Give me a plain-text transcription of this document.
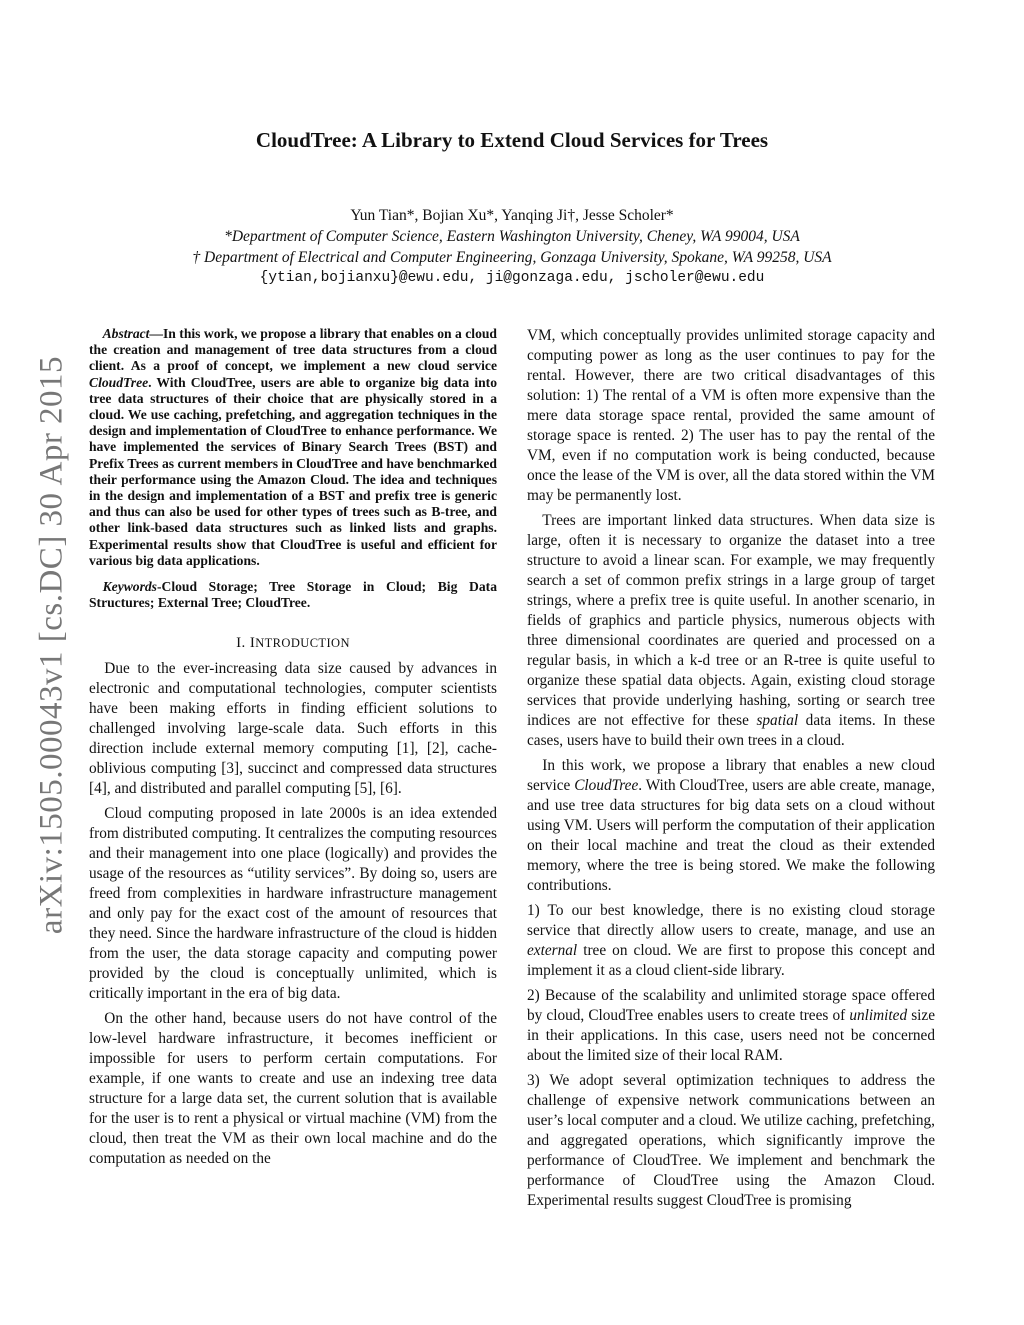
arXiv:1505.00043v1 [cs.DC] 30 Apr 2015
CloudTree: A Library to Extend Cloud Services for Trees
Yun Tian*, Bojian Xu*, Yanqing Ji†, Jesse Scholer*
*Department of Computer Science, Eastern Washington University, Cheney, WA 99004, USA
† Department of Electrical and Computer Engineering, Gonzaga University, Spokane, WA 99258, USA
{ytian,bojianxu}@ewu.edu, ji@gonzaga.edu, jscholer@ewu.edu

Abstract—In this work, we propose a library that enables on a cloud the creation and management of tree data structures from a cloud client. As a proof of concept, we implement a new cloud service CloudTree. With CloudTree, users are able to organize big data into tree data structures of their choice that are physically stored in a cloud. We use caching, prefetching, and aggregation techniques in the design and implementation of CloudTree to enhance performance. We have implemented the services of Binary Search Trees (BST) and Prefix Trees as current members in CloudTree and have benchmarked their performance using the Amazon Cloud. The idea and techniques in the design and implementation of a BST and prefix tree is generic and thus can also be used for other types of trees such as B-tree, and other link-based data structures such as linked lists and graphs. Experimental results show that CloudTree is useful and efficient for various big data applications.

Keywords-Cloud Storage; Tree Storage in Cloud; Big Data Structures; External Tree; CloudTree.

I. INTRODUCTION

Due to the ever-increasing data size caused by advances in electronic and computational technologies, computer scientists have been making efforts in finding efficient solutions to challenged involving large-scale data. Such efforts in this direction include external memory computing [1], [2], cache-oblivious computing [3], succinct and compressed data structures [4], and distributed and parallel computing [5], [6].

Cloud computing proposed in late 2000s is an idea extended from distributed computing. It centralizes the computing resources and their management into one place (logically) and provides the usage of the resources as “utility services”. By doing so, users are freed from complexities in hardware infrastructure management and only pay for the exact cost of the amount of resources that they need. Since the hardware infrastructure of the cloud is hidden from the user, the data storage capacity and computing power provided by the cloud is conceptually unlimited, which is critically important in the era of big data.

On the other hand, because users do not have control of the low-level hardware infrastructure, it becomes inefficient or impossible for users to perform certain computations. For example, if one wants to create and use an indexing tree data structure for a large data set, the current solution that is available for the user is to rent a physical or virtual machine (VM) from the cloud, then treat the VM as their own local machine and do the computation as needed on the

VM, which conceptually provides unlimited storage capacity and computing power as long as the user continues to pay for the rental. However, there are two critical disadvantages of this solution: 1) The rental of a VM is often more expensive than the mere data storage space rental, provided the same amount of storage space is rented. 2) The user has to pay the rental of the VM, even if no computation work is being conducted, because once the lease of the VM is over, all the data stored within the VM may be permanently lost.

Trees are important linked data structures. When data size is large, often it is necessary to organize the dataset into a tree structure to avoid a linear scan. For example, we may frequently search a set of common prefix strings in a large group of target strings, where a prefix tree is quite useful. In another scenario, in fields of graphics and particle physics, numerous objects with three dimensional coordinates are queried and processed on a regular basis, in which a k-d tree or an R-tree is quite useful to organize these spatial data objects. Again, existing cloud storage services that provide underlying hashing, sorting or search tree indices are not effective for these spatial data items. In these cases, users have to build their own trees in a cloud.

In this work, we propose a library that enables a new cloud service CloudTree. With CloudTree, users are able create, manage, and use tree data structures for big data sets on a cloud without using VM. Users will perform the computation of their application on their local machine and treat the cloud as their extended memory, where the tree is being stored. We make the following contributions.

1) To our best knowledge, there is no existing cloud storage service that directly allow users to create, manage, and use an external tree on cloud. We are first to propose this concept and implement it as a cloud client-side library.

2) Because of the scalability and unlimited storage space offered by cloud, CloudTree enables users to create trees of unlimited size in their applications. In this case, users need not be concerned about the limited size of their local RAM.

3) We adopt several optimization techniques to address the challenge of expensive network communications between an user’s local computer and a cloud. We utilize caching, prefetching, and aggregated operations, which significantly improve the performance of CloudTree. We implement and benchmark the performance of CloudTree using the Amazon Cloud. Experimental results suggest CloudTree is promising
